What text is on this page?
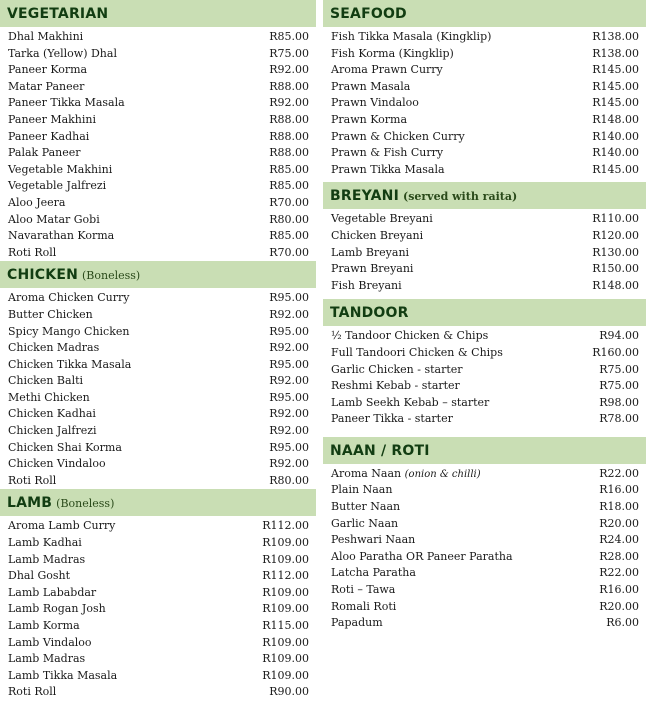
VEGETARIAN
Dhal Makhini	R85.00
Tarka (Yellow) Dhal	R75.00
Paneer Korma	R92.00
Matar Paneer	R88.00
Paneer Tikka Masala	R92.00
Paneer Makhini	R88.00
Paneer Kadhai	R88.00
Palak Paneer	R88.00
Vegetable Makhini	R85.00
Vegetable Jalfrezi	R85.00
Aloo Jeera	R70.00
Aloo Matar Gobi	R80.00
Navarathan Korma	R85.00
Roti Roll	R70.00
CHICKEN (Boneless)
Aroma Chicken Curry	R95.00
Butter Chicken	R92.00
Spicy Mango Chicken	R95.00
Chicken Madras	R92.00
Chicken Tikka Masala	R95.00
Chicken Balti	R92.00
Methi Chicken	R95.00
Chicken Kadhai	R92.00
Chicken Jalfrezi	R92.00
Chicken Shai Korma	R95.00
Chicken Vindaloo	R92.00
Roti Roll	R80.00
LAMB (Boneless)
Aroma Lamb Curry	R112.00
Lamb Kadhai	R109.00
Lamb Madras	R109.00
Dhal Gosht	R112.00
Lamb Lababdar	R109.00
Lamb Rogan Josh	R109.00
Lamb Korma	R115.00
Lamb Vindaloo	R109.00
Lamb Madras	R109.00
Lamb Tikka Masala	R109.00
Roti Roll	R90.00
SEAFOOD
Fish Tikka Masala (Kingklip)	R138.00
Fish Korma (Kingklip)	R138.00
Aroma Prawn Curry	R145.00
Prawn Masala	R145.00
Prawn Vindaloo	R145.00
Prawn Korma	R148.00
Prawn & Chicken Curry	R140.00
Prawn & Fish Curry	R140.00
Prawn Tikka Masala	R145.00
BREYANI (served with raita)
Vegetable Breyani	R110.00
Chicken Breyani	R120.00
Lamb Breyani	R130.00
Prawn Breyani	R150.00
Fish Breyani	R148.00
TANDOOR
½ Tandoor Chicken & Chips	R94.00
Full Tandoori Chicken & Chips	R160.00
Garlic Chicken - starter	R75.00
Reshmi Kebab - starter	R75.00
Lamb Seekh Kebab – starter	R98.00
Paneer Tikka - starter	R78.00
NAAN / ROTI
Aroma Naan (onion & chilli)	R22.00
Plain Naan	R16.00
Butter Naan	R18.00
Garlic Naan	R20.00
Peshwari Naan	R24.00
Aloo Paratha OR Paneer Paratha	R28.00
Latcha Paratha	R22.00
Roti – Tawa	R16.00
Romali Roti	R20.00
Papadum	R6.00
